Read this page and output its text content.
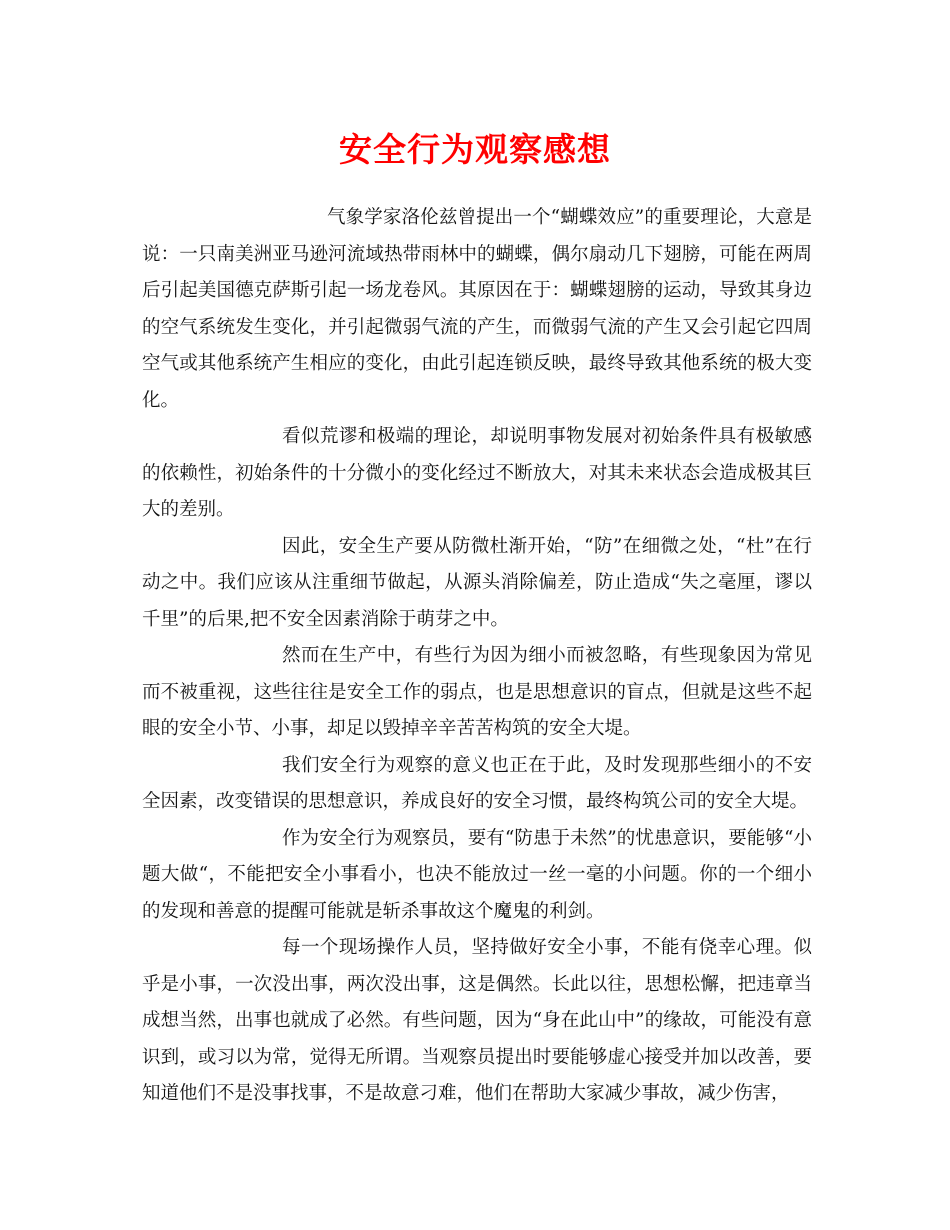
安全行为观察感想

气象学家洛伦兹曾提出一个“蝴蝶效应”的重要理论，大意是说：一只南美洲亚马逊河流域热带雨林中的蝴蝶，偶尔扇动几下翅膀，可能在两周后引起美国德克萨斯引起一场龙卷风。其原因在于：蝴蝶翅膀的运动，导致其身边的空气系统发生变化，并引起微弱气流的产生，而微弱气流的产生又会引起它四周空气或其他系统产生相应的变化，由此引起连锁反映，最终导致其他系统的极大变化。

看似荒谬和极端的理论，却说明事物发展对初始条件具有极敏感的依赖性，初始条件的十分微小的变化经过不断放大，对其未来状态会造成极其巨大的差别。

因此，安全生产要从防微杜渐开始，“防”在细微之处，“杜”在行动之中。我们应该从注重细节做起，从源头消除偏差，防止造成“失之毫厘，谬以千里”的后果,把不安全因素消除于萌芽之中。

然而在生产中，有些行为因为细小而被忽略，有些现象因为常见而不被重视，这些往往是安全工作的弱点，也是思想意识的盲点，但就是这些不起眼的安全小节、小事，却足以毁掉辛辛苦苦构筑的安全大堤。

我们安全行为观察的意义也正在于此，及时发现那些细小的不安全因素，改变错误的思想意识，养成良好的安全习惯，最终构筑公司的安全大堤。

作为安全行为观察员，要有“防患于未然”的忧患意识，要能够“小题大做“，不能把安全小事看小，也决不能放过一丝一毫的小问题。你的一个细小的发现和善意的提醒可能就是斩杀事故这个魔鬼的利剑。

每一个现场操作人员，坚持做好安全小事，不能有侥幸心理。似乎是小事，一次没出事，两次没出事，这是偶然。长此以往，思想松懈，把违章当成想当然，出事也就成了必然。有些问题，因为“身在此山中”的缘故，可能没有意识到，或习以为常，觉得无所谓。当观察员提出时要能够虚心接受并加以改善，要知道他们不是没事找事，不是故意刁难，他们在帮助大家减少事故，减少伤害，
